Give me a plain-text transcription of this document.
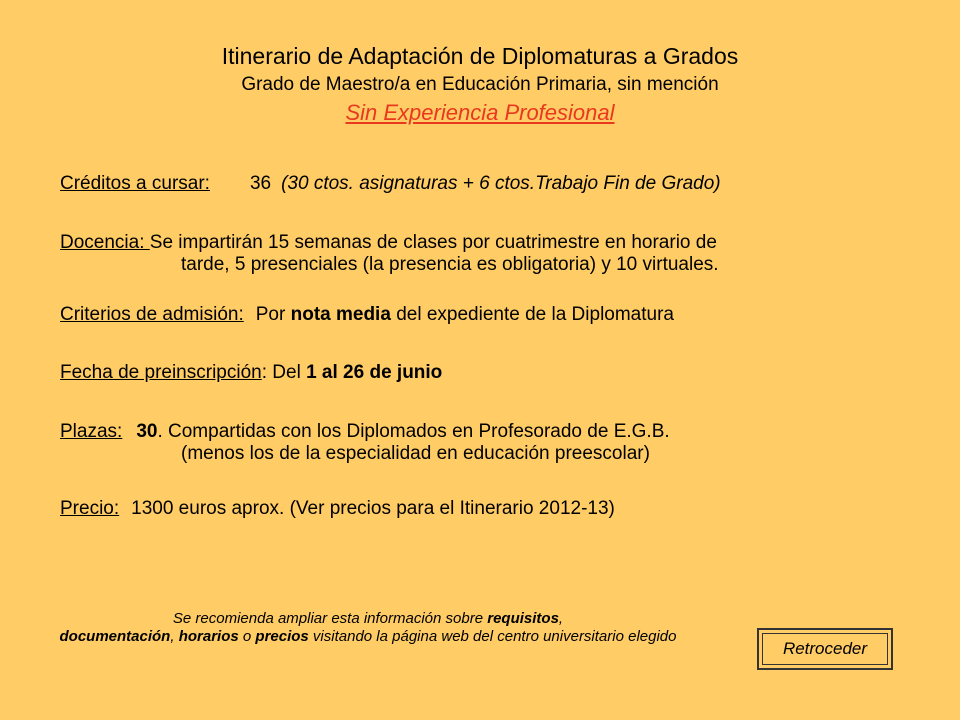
Itinerario de Adaptación de Diplomaturas a Grados
Grado de Maestro/a en Educación Primaria, sin mención
Sin Experiencia Profesional
Créditos a cursar: 36 (30 ctos. asignaturas + 6 ctos.Trabajo Fin de Grado)
Docencia: Se impartirán 15 semanas de clases por cuatrimestre en horario de
tarde, 5 presenciales (la presencia es obligatoria) y 10 virtuales.
Criterios de admisión: Por nota media del expediente de la Diplomatura
Fecha de preinscripción: Del 1 al 26 de junio
Plazas: 30. Compartidas con los Diplomados en Profesorado de E.G.B.
(menos los de la especialidad en educación preescolar)
Precio: 1300 euros aprox. (Ver precios para el Itinerario 2012-13)
Se recomienda ampliar esta información sobre requisitos,
documentación, horarios o precios visitando la página web del centro universitario elegido
Retroceder
